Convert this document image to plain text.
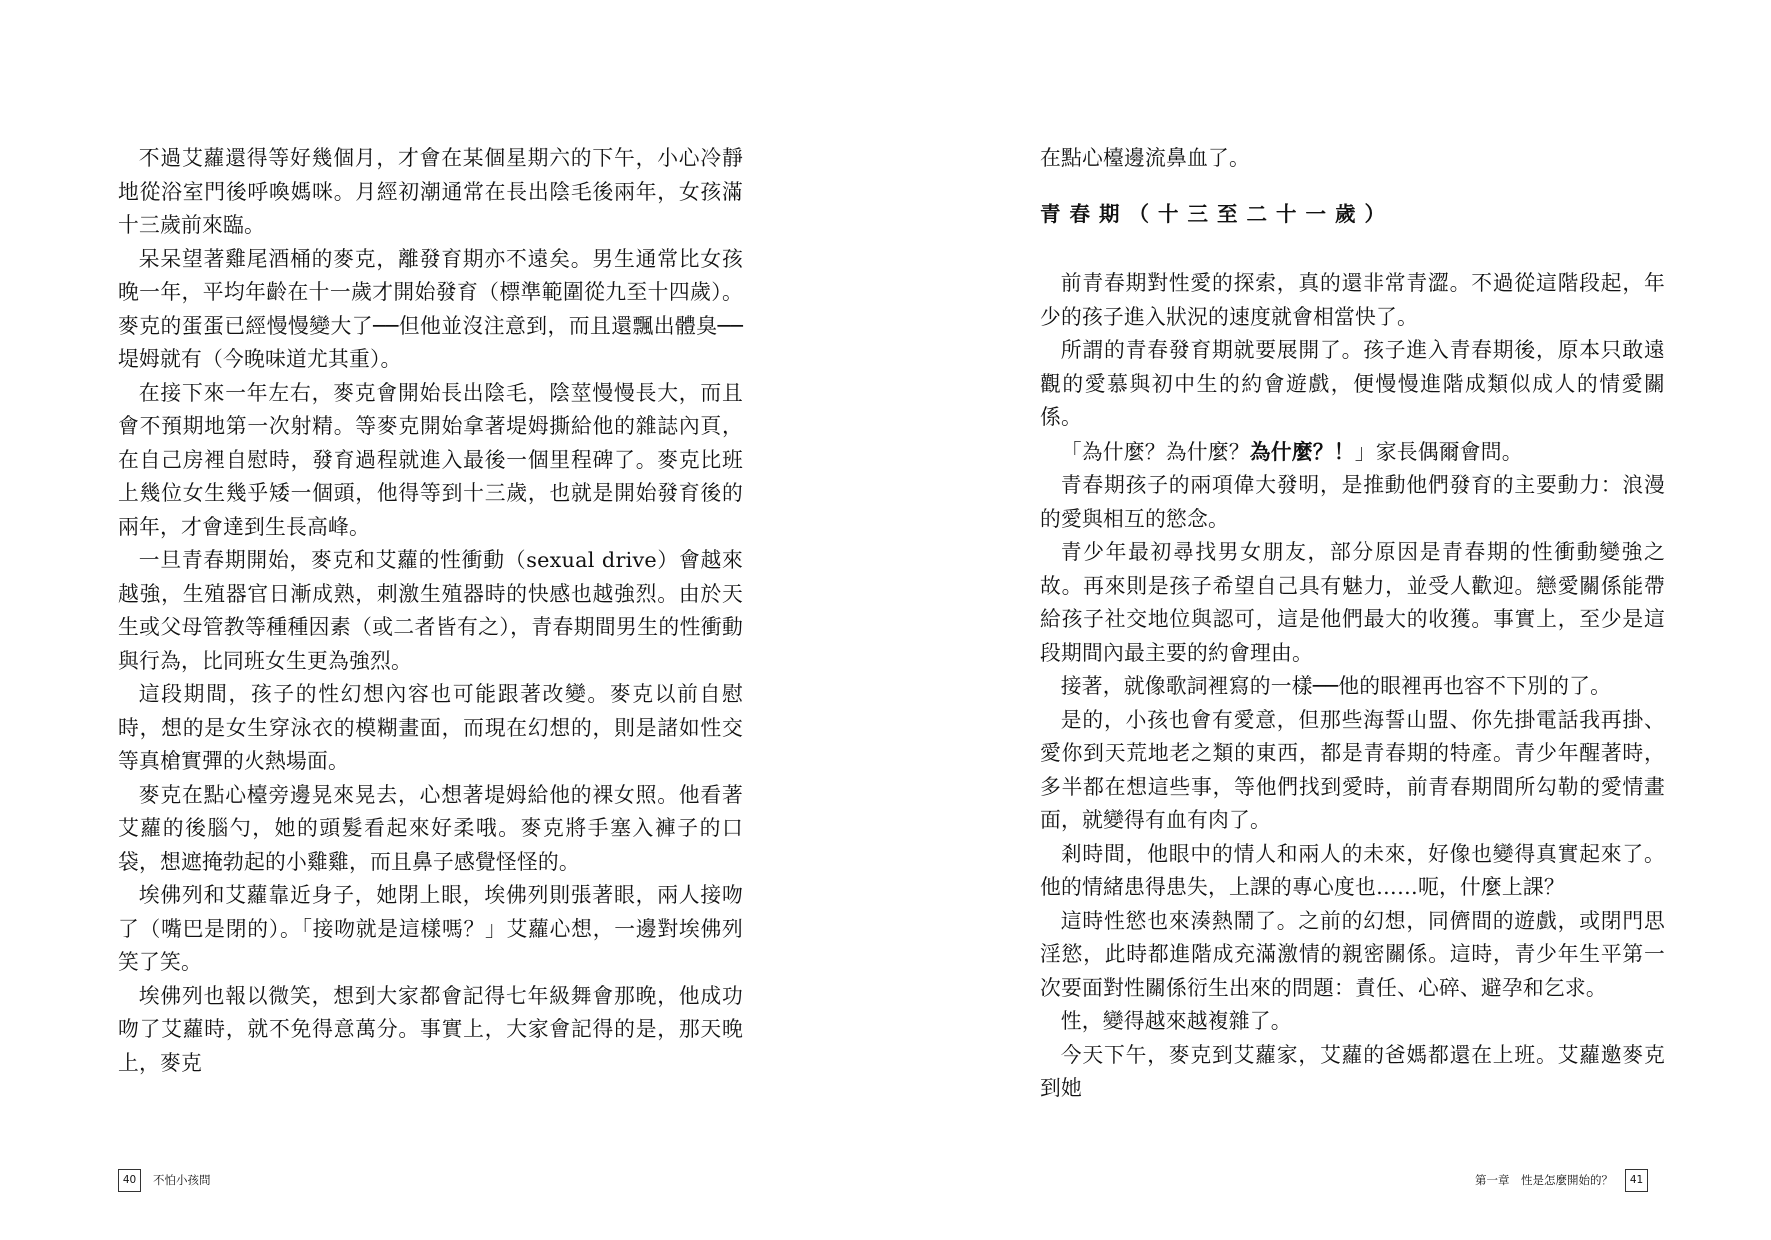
不過艾蘿還得等好幾個月，才會在某個星期六的下午，小心冷靜地從浴室門後呼喚媽咪。月經初潮通常在長出陰毛後兩年，女孩滿十三歲前來臨。

呆呆望著雞尾酒桶的麥克，離發育期亦不遠矣。男生通常比女孩晚一年，平均年齡在十一歲才開始發育（標準範圍從九至十四歲）。麥克的蛋蛋已經慢慢變大了──但他並沒注意到，而且還飄出體臭──堤姆就有（今晚味道尤其重）。

在接下來一年左右，麥克會開始長出陰毛，陰莖慢慢長大，而且會不預期地第一次射精。等麥克開始拿著堤姆撕給他的雜誌內頁，在自己房裡自慰時，發育過程就進入最後一個里程碑了。麥克比班上幾位女生幾乎矮一個頭，他得等到十三歲，也就是開始發育後的兩年，才會達到生長高峰。

一旦青春期開始，麥克和艾蘿的性衝動（sexual drive）會越來越強，生殖器官日漸成熟，刺激生殖器時的快感也越強烈。由於天生或父母管教等種種因素（或二者皆有之），青春期間男生的性衝動與行為，比同班女生更為強烈。

這段期間，孩子的性幻想內容也可能跟著改變。麥克以前自慰時，想的是女生穿泳衣的模糊畫面，而現在幻想的，則是諸如性交等真槍實彈的火熱場面。

麥克在點心檯旁邊晃來晃去，心想著堤姆給他的裸女照。他看著艾蘿的後腦勺，她的頭髮看起來好柔哦。麥克將手塞入褲子的口袋，想遮掩勃起的小雞雞，而且鼻子感覺怪怪的。

埃佛列和艾蘿靠近身子，她閉上眼，埃佛列則張著眼，兩人接吻了（嘴巴是閉的）。「接吻就是這樣嗎？」艾蘿心想，一邊對埃佛列笑了笑。

埃佛列也報以微笑，想到大家都會記得七年級舞會那晚，他成功吻了艾蘿時，就不免得意萬分。事實上，大家會記得的是，那天晚上，麥克

40	不怕小孩問

在點心檯邊流鼻血了。

青春期（十三至二十一歲）

前青春期對性愛的探索，真的還非常青澀。不過從這階段起，年少的孩子進入狀況的速度就會相當快了。

所謂的青春發育期就要展開了。孩子進入青春期後，原本只敢遠觀的愛慕與初中生的約會遊戲，便慢慢進階成類似成人的情愛關係。

「為什麼？為什麼？為什麼？！」家長偶爾會問。

青春期孩子的兩項偉大發明，是推動他們發育的主要動力：浪漫的愛與相互的慾念。

青少年最初尋找男女朋友，部分原因是青春期的性衝動變強之故。再來則是孩子希望自己具有魅力，並受人歡迎。戀愛關係能帶給孩子社交地位與認可，這是他們最大的收獲。事實上，至少是這段期間內最主要的約會理由。

接著，就像歌詞裡寫的一樣──他的眼裡再也容不下別的了。

是的，小孩也會有愛意，但那些海誓山盟、你先掛電話我再掛、愛你到天荒地老之類的東西，都是青春期的特產。青少年醒著時，多半都在想這些事，等他們找到愛時，前青春期間所勾勒的愛情畫面，就變得有血有肉了。

剎時間，他眼中的情人和兩人的未來，好像也變得真實起來了。他的情緒患得患失，上課的專心度也……呃，什麼上課？

這時性慾也來湊熱鬧了。之前的幻想，同儕間的遊戲，或閉門思淫慾，此時都進階成充滿激情的親密關係。這時，青少年生平第一次要面對性關係衍生出來的問題：責任、心碎、避孕和乞求。

性，變得越來越複雜了。

今天下午，麥克到艾蘿家，艾蘿的爸媽都還在上班。艾蘿邀麥克到她

第一章　性是怎麼開始的？	41
